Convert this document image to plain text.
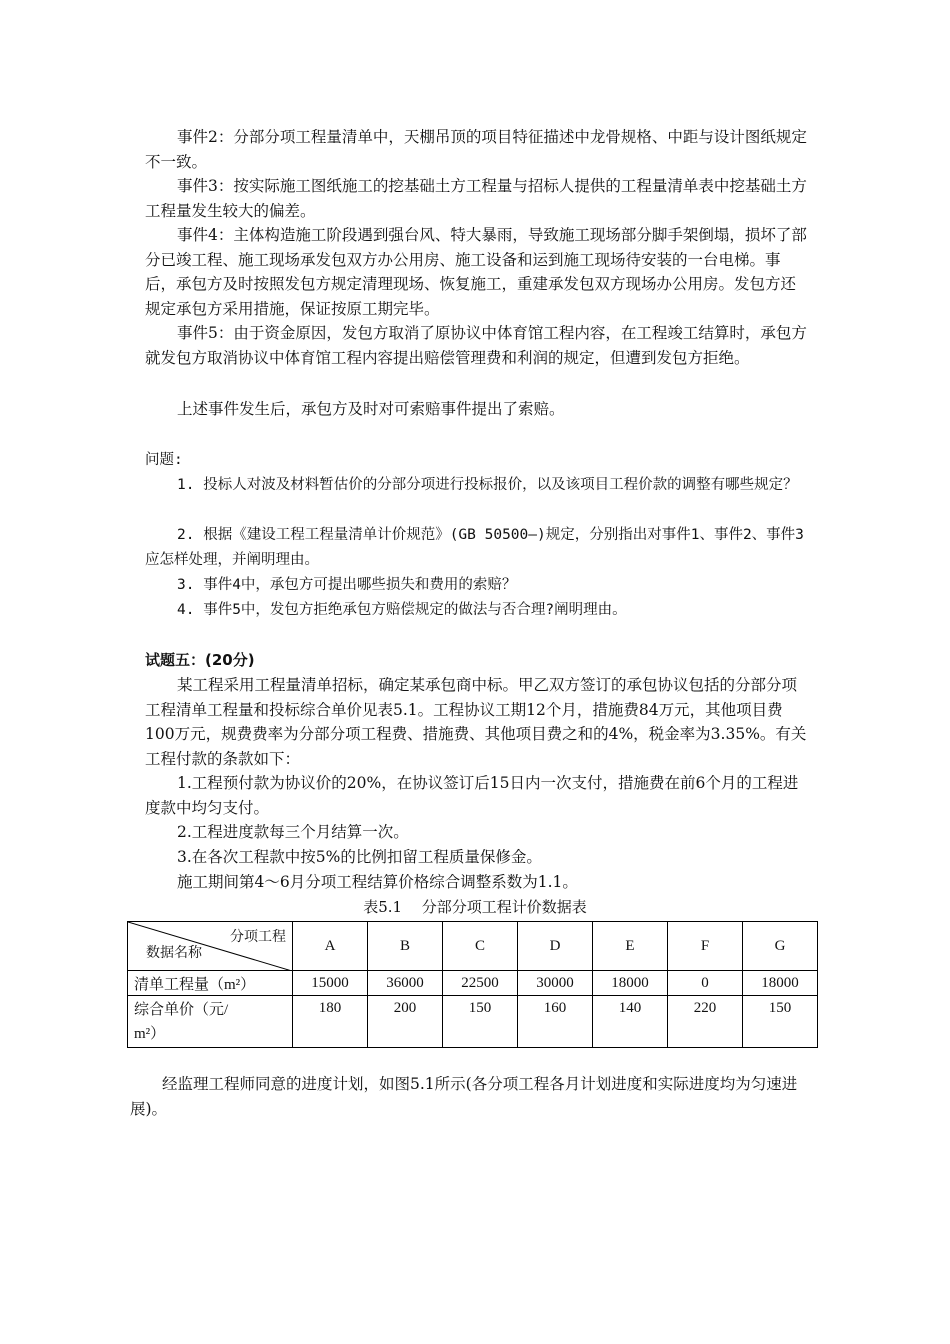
事件2：分部分项工程量清单中，天棚吊顶的项目特征描述中龙骨规格、中距与设计图纸规定不一致。

事件3：按实际施工图纸施工的挖基础土方工程量与招标人提供的工程量清单表中挖基础土方工程量发生较大的偏差。

事件4：主体构造施工阶段遇到强台风、特大暴雨，导致施工现场部分脚手架倒塌，损坏了部分已竣工程、施工现场承发包双方办公用房、施工设备和运到施工现场待安装的一台电梯。事后，承包方及时按照发包方规定清理现场、恢复施工，重建承发包双方现场办公用房。发包方还规定承包方采用措施，保证按原工期完毕。

事件5：由于资金原因，发包方取消了原协议中体育馆工程内容，在工程竣工结算时，承包方就发包方取消协议中体育馆工程内容提出赔偿管理费和利润的规定，但遭到发包方拒绝。

上述事件发生后，承包方及时对可索赔事件提出了索赔。

问题:

1. 投标人对波及材料暂估价的分部分项进行投标报价，以及该项目工程价款的调整有哪些规定？

2. 根据《建设工程工程量清单计价规范》(GB 50500—)规定，分别指出对事件1、事件2、事件3应怎样处理，并阐明理由。

3. 事件4中，承包方可提出哪些损失和费用的索赔？

4. 事件5中，发包方拒绝承包方赔偿规定的做法与否合理?阐明理由。

试题五：(20分)

某工程采用工程量清单招标，确定某承包商中标。甲乙双方签订的承包协议包括的分部分项工程清单工程量和投标综合单价见表5.1。工程协议工期12个月，措施费84万元，其他项目费100万元，规费费率为分部分项工程费、措施费、其他项目费之和的4%，税金率为3.35%。有关工程付款的条款如下：

1.工程预付款为协议价的20%，在协议签订后15日内一次支付，措施费在前6个月的工程进度款中均匀支付。

2.工程进度款每三个月结算一次。

3.在各次工程款中按5%的比例扣留工程质量保修金。

施工期间第4～6月分项工程结算价格综合调整系数为1.1。

表5.1　 分部分项工程计价数据表
分项工程
数据名称	A	B	C	D	E	F	G
清单工程量（m²）	15000	36000	22500	30000	18000	0	18000
综合单价（元/
m²）	180	200	150	160	140	220	150

经监理工程师同意的进度计划，如图5.1所示(各分项工程各月计划进度和实际进度均为匀速进展)。
